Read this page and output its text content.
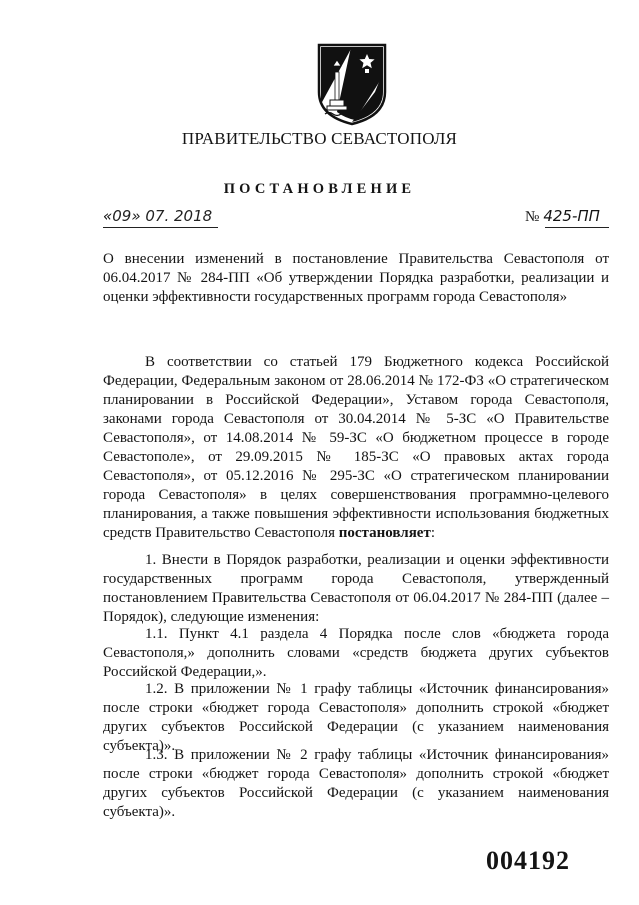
ПРАВИТЕЛЬСТВО СЕВАСТОПОЛЯ
ПОСТАНОВЛЕНИЕ
«09» 07. 2018	№ 425-ПП
О внесении изменений в постановление Правительства Севастополя от 06.04.2017 № 284-ПП «Об утверждении Порядка разработки, реализации и оценки эффективности государственных программ города Севастополя»
В соответствии со статьей 179 Бюджетного кодекса Российской Федерации, Федеральным законом от 28.06.2014 № 172-ФЗ «О стратегическом планировании в Российской Федерации», Уставом города Севастополя, законами города Севастополя от 30.04.2014 № 5-ЗС «О Правительстве Севастополя», от 14.08.2014 № 59-ЗС «О бюджетном процессе в городе Севастополе», от 29.09.2015 № 185-ЗС «О правовых актах города Севастополя», от 05.12.2016 № 295-ЗС «О стратегическом планировании города Севастополя» в целях совершенствования программно-целевого планирования, а также повышения эффективности использования бюджетных средств Правительство Севастополя постановляет:
1. Внести в Порядок разработки, реализации и оценки эффективности государственных программ города Севастополя, утвержденный постановлением Правительства Севастополя от 06.04.2017 № 284-ПП (далее – Порядок), следующие изменения:
1.1. Пункт 4.1 раздела 4 Порядка после слов «бюджета города Севастополя,» дополнить словами «средств бюджета других субъектов Российской Федерации,».
1.2. В приложении № 1 графу таблицы «Источник финансирования» после строки «бюджет города Севастополя» дополнить строкой «бюджет других субъектов Российской Федерации (с указанием наименования субъекта)».
1.3. В приложении № 2 графу таблицы «Источник финансирования» после строки «бюджет города Севастополя» дополнить строкой «бюджет других субъектов Российской Федерации (с указанием наименования субъекта)».
004192
